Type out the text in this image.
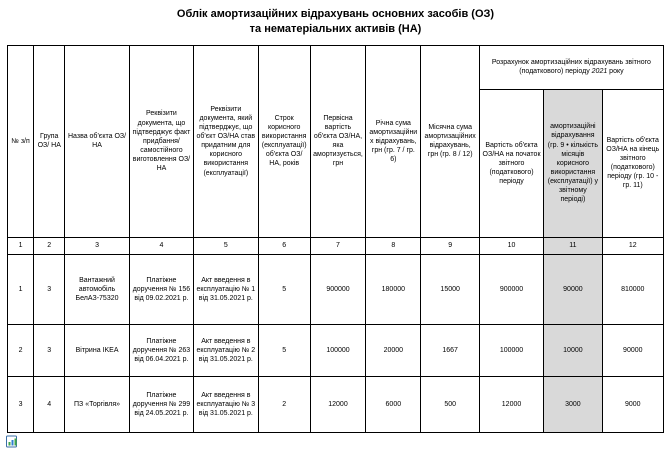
Облік амортизаційних відрахувань основних засобів (ОЗ)
та нематеріальних активів (НА)
№ з/п	Група ОЗ/ НА	Назва об'єкта ОЗ/НА	Реквізити документа, що підтверджує факт придбання/ самостійного виготовлення ОЗ/НА	Реквізити документа, який підтверджує, що об'єкт ОЗ/НА став придатним для корисного використання (експлуатації)	Строк корисного використання (експлуатації) об'єкта ОЗ/НА, років	Первісна вартість об'єкта ОЗ/НА, яка амортизується, грн	Річна сума амортизаційних відрахувань, грн (гр. 7 / гр. 6)	Місячна сума амортизаційних відрахувань, грн (гр. 8 / 12)	Розрахунок амортизаційних відрахувань звітного (податкового) періоду 2021 року		
									Вартість об'єкта ОЗ/НА на початок звітного (податкового) періоду	амортизаційні відрахування (гр. 9 • кількість місяців корисного використання (експлуатації) у звітному періоді)	Вартість об'єкта ОЗ/НА на кінець звітного (податкового) періоду (гр. 10 - гр. 11)
1	2	3	4	5	6	7	8	9	10	11	12
1	3	Вантажний автомобіль БелАЗ-75320	Платіжне доручення № 156 від 09.02.2021 р.	Акт введення в експлуатацію № 1 від 31.05.2021 р.	5	900000	180000	15000	900000	90000	810000
2	3	Вітрина IKEA	Платіжне доручення № 263 від 06.04.2021 р.	Акт введення в експлуатацію № 2 від 31.05.2021 р.	5	100000	20000	1667	100000	10000	90000
3	4	ПЗ «Торгівля»	Платіжне доручення № 299 від 24.05.2021 р.	Акт введення в експлуатацію № 3 від 31.05.2021 р.	2	12000	6000	500	12000	3000	9000
